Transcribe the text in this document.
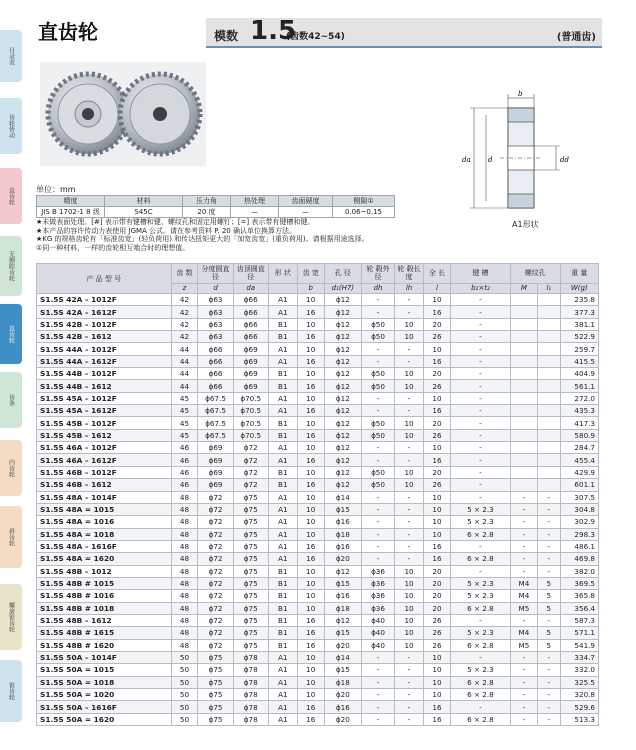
目录表
齿轮传动
直齿轮
无侧隙齿轮
直齿轮
齿条
内齿轮
斜齿轮
螺旋锥齿轮
锥齿轮
直齿轮	模数 1.5
(齿数42~54)	(普通齿)
b
da d	dd
A1形状
单位：mm
精度	材料	压力角	热处理	齿面硬度	侧隙①
JIS B 1702-1 8 级	S45C	20 度	—	—	0.06~0.15
★未做表面处理。[#] 表示带有键槽和键、螺纹孔和固定用螺钉；[=] 表示带有键槽和键。
★本产品的容许传动力表使用 JGMA 公式。请在参考资料 P. 20 确认单位换算方法。
★KG 的规格齿轮有「标准齿宽」(轻负荷用) 和传达扭矩更大的「加宽齿宽」(重负荷用)。请根据用途选择。
①同一种材料，一样的齿轮相互啮合时的理想值。
产 品 型 号	齿 数	分度圆直 径	齿顶圆直 径	形 状	齿 宽	孔 径	轮 毂外 径	轮 毂长 度	全 长	键 槽	螺纹孔		重 量
	z	d	da		b	d₁(H7)	dh	lh	l	b₂×t₂	M	l₁	W(g)
S1.5S 42A – 1012F	42	ϕ63	ϕ66	A1	10	ϕ12	-	-	10	-			235.8
S1.5S 42A – 1612F	42	ϕ63	ϕ66	A1	16	ϕ12	-	-	16	-			377.3
S1.5S 42B – 1012F	42	ϕ63	ϕ66	B1	10	ϕ12	ϕ50	10	20	-			381.1
S1.5S 42B – 1612	42	ϕ63	ϕ66	B1	16	ϕ12	ϕ50	10	26	-			522.9
S1.5S 44A – 1012F	44	ϕ66	ϕ69	A1	10	ϕ12	-	-	10	-			259.7
S1.5S 44A – 1612F	44	ϕ66	ϕ69	A1	16	ϕ12	-	-	16	-			415.5
S1.5S 44B – 1012F	44	ϕ66	ϕ69	B1	10	ϕ12	ϕ50	10	20	-			404.9
S1.5S 44B – 1612	44	ϕ66	ϕ69	B1	16	ϕ12	ϕ50	10	26	-			561.1
S1.5S 45A – 1012F	45	ϕ67.5	ϕ70.5	A1	10	ϕ12	-	-	10	-			272.0
S1.5S 45A – 1612F	45	ϕ67.5	ϕ70.5	A1	16	ϕ12	-	-	16	-			435.3
S1.5S 45B – 1012F	45	ϕ67.5	ϕ70.5	B1	10	ϕ12	ϕ50	10	20	-			417.3
S1.5S 45B – 1612	45	ϕ67.5	ϕ70.5	B1	16	ϕ12	ϕ50	10	26	-			580.9
S1.5S 46A – 1012F	46	ϕ69	ϕ72	A1	10	ϕ12	-	-	10	-			284.7
S1.5S 46A – 1612F	46	ϕ69	ϕ72	A1	16	ϕ12	-	-	16	-			455.4
S1.5S 46B – 1012F	46	ϕ69	ϕ72	B1	10	ϕ12	ϕ50	10	20	-			429.9
S1.5S 46B – 1612	46	ϕ69	ϕ72	B1	16	ϕ12	ϕ50	10	26	-			601.1
S1.5S 48A – 1014F	48	ϕ72	ϕ75	A1	10	ϕ14	-	-	10	-	-	-	307.5
S1.5S 48A = 1015	48	ϕ72	ϕ75	A1	10	ϕ15	-	-	10	5 × 2.3	-	-	304.8
S1.5S 48A = 1016	48	ϕ72	ϕ75	A1	10	ϕ16	-	-	10	5 × 2.3	-	-	302.9
S1.5S 48A = 1018	48	ϕ72	ϕ75	A1	10	ϕ18	-	-	10	6 × 2.8	-	-	298.3
S1.5S 48A – 1616F	48	ϕ72	ϕ75	A1	16	ϕ16	-	-	16	-	-	-	486.1
S1.5S 48A = 1620	48	ϕ72	ϕ75	A1	16	ϕ20	-	-	16	6 × 2.8	-	-	469.8
S1.5S 48B – 1012	48	ϕ72	ϕ75	B1	10	ϕ12	ϕ36	10	20	-	-	-	382.0
S1.5S 48B # 1015	48	ϕ72	ϕ75	B1	10	ϕ15	ϕ36	10	20	5 × 2.3	M4	5	369.5
S1.5S 48B # 1016	48	ϕ72	ϕ75	B1	10	ϕ16	ϕ36	10	20	5 × 2.3	M4	5	365.8
S1.5S 48B # 1018	48	ϕ72	ϕ75	B1	10	ϕ18	ϕ36	10	20	6 × 2.8	M5	5	356.4
S1.5S 48B – 1612	48	ϕ72	ϕ75	B1	16	ϕ12	ϕ40	10	26	-	-	-	587.3
S1.5S 48B # 1615	48	ϕ72	ϕ75	B1	16	ϕ15	ϕ40	10	26	5 × 2.3	M4	5	571.1
S1.5S 48B # 1620	48	ϕ72	ϕ75	B1	16	ϕ20	ϕ40	10	26	6 × 2.8	M5	5	541.9
S1.5S 50A – 1014F	50	ϕ75	ϕ78	A1	10	ϕ14	-	-	10	-	-	-	334.7
S1.5S 50A = 1015	50	ϕ75	ϕ78	A1	10	ϕ15	-	-	10	5 × 2.3	-	-	332.0
S1.5S 50A = 1018	50	ϕ75	ϕ78	A1	10	ϕ18	-	-	10	6 × 2.8	-	-	325.5
S1.5S 50A = 1020	50	ϕ75	ϕ78	A1	10	ϕ20	-	-	10	6 × 2.8	-	-	320.8
S1.5S 50A – 1616F	50	ϕ75	ϕ78	A1	16	ϕ16	-	-	16	-	-	-	529.6
S1.5S 50A = 1620	50	ϕ75	ϕ78	A1	16	ϕ20	-	-	16	6 × 2.8	-	-	513.3
